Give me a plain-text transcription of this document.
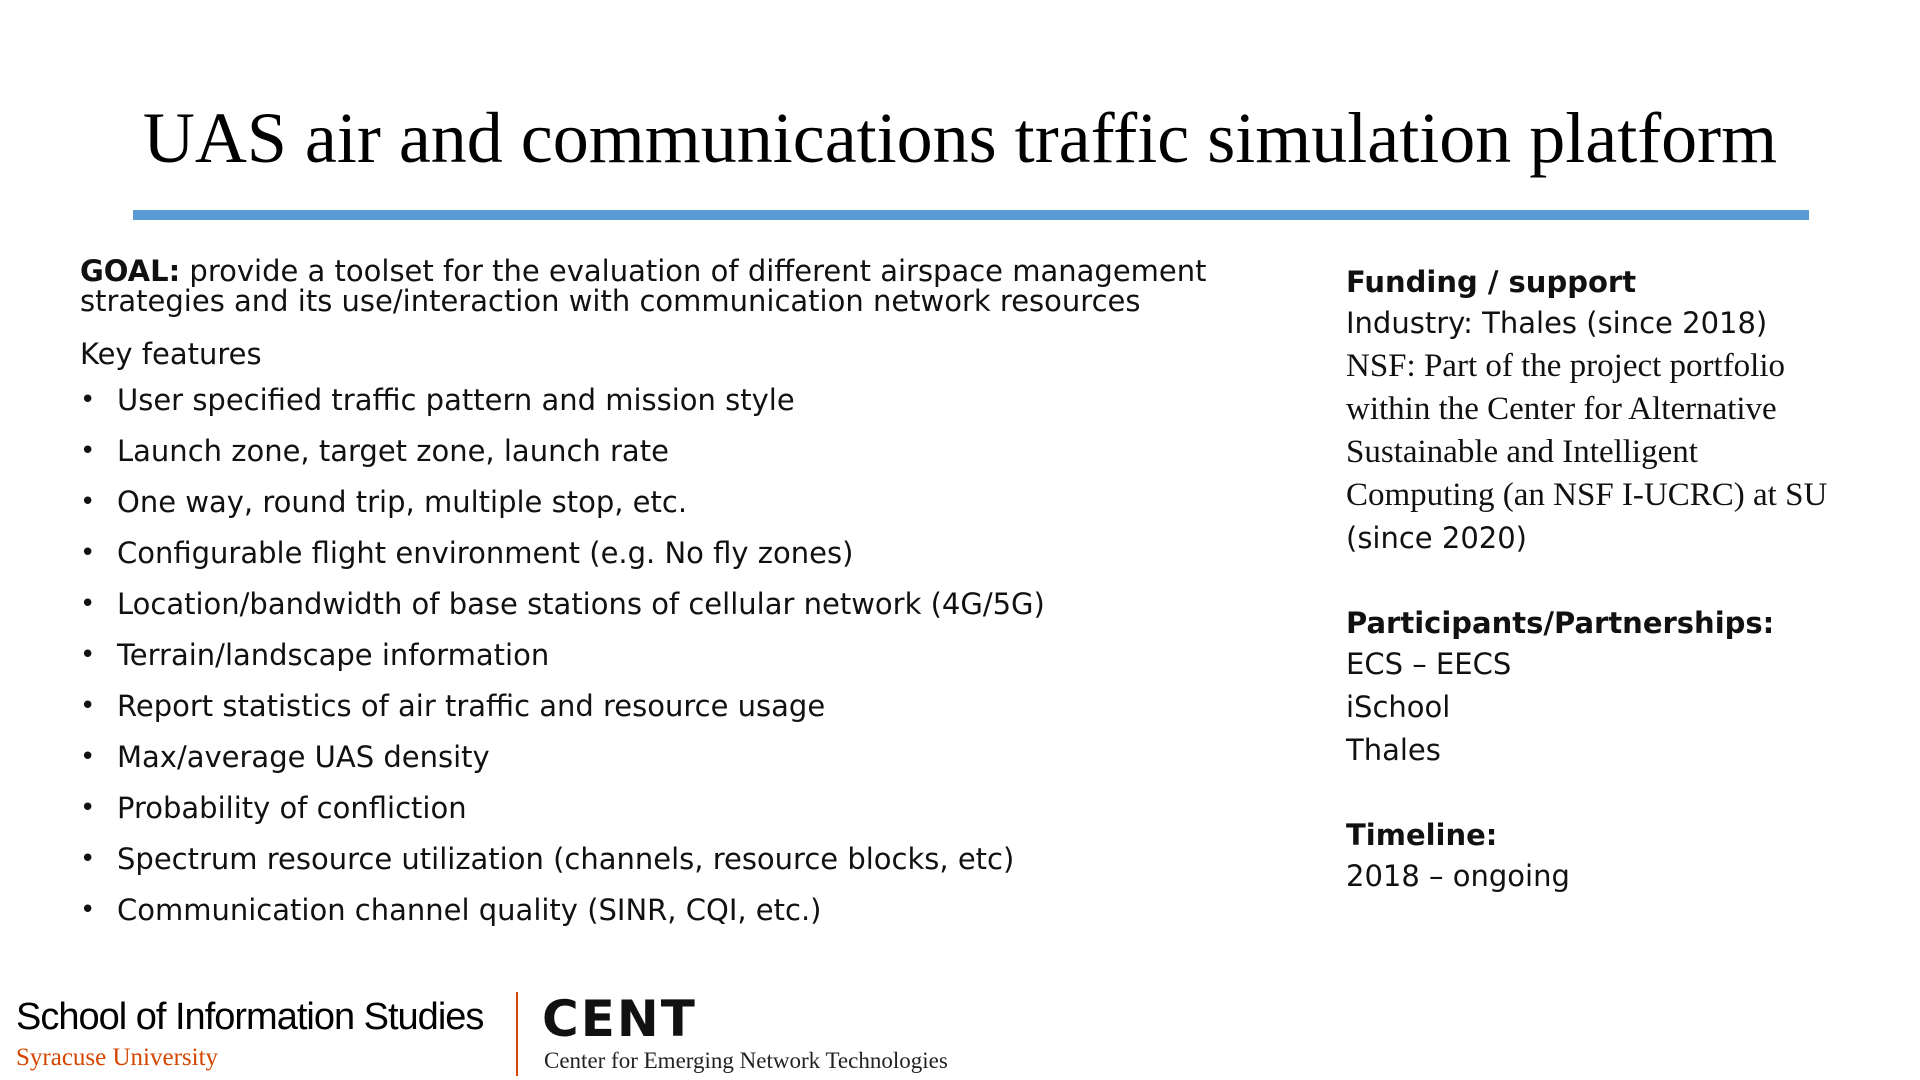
UAS air and communications traffic simulation platform

GOAL: provide a toolset for the evaluation of different airspace management
strategies and its use/interaction with communication network resources

Key features

• User specified traffic pattern and mission style
• Launch zone, target zone, launch rate
• One way, round trip, multiple stop, etc.
• Configurable flight environment (e.g. No fly zones)
• Location/bandwidth of base stations of cellular network (4G/5G)
• Terrain/landscape information
• Report statistics of air traffic and resource usage
• Max/average UAS density
• Probability of confliction
• Spectrum resource utilization (channels, resource blocks, etc)
• Communication channel quality (SINR, CQI, etc.)

Funding / support

Industry: Thales (since 2018)

NSF: Part of the project portfolio
within the Center for Alternative
Sustainable and Intelligent
Computing (an NSF I-UCRC) at SU
(since 2020)

Participants/Partnerships:

ECS – EECS

iSchool

Thales

Timeline:

2018 – ongoing

School of Information Studies
Syracuse University
CENT
Center for Emerging Network Technologies
